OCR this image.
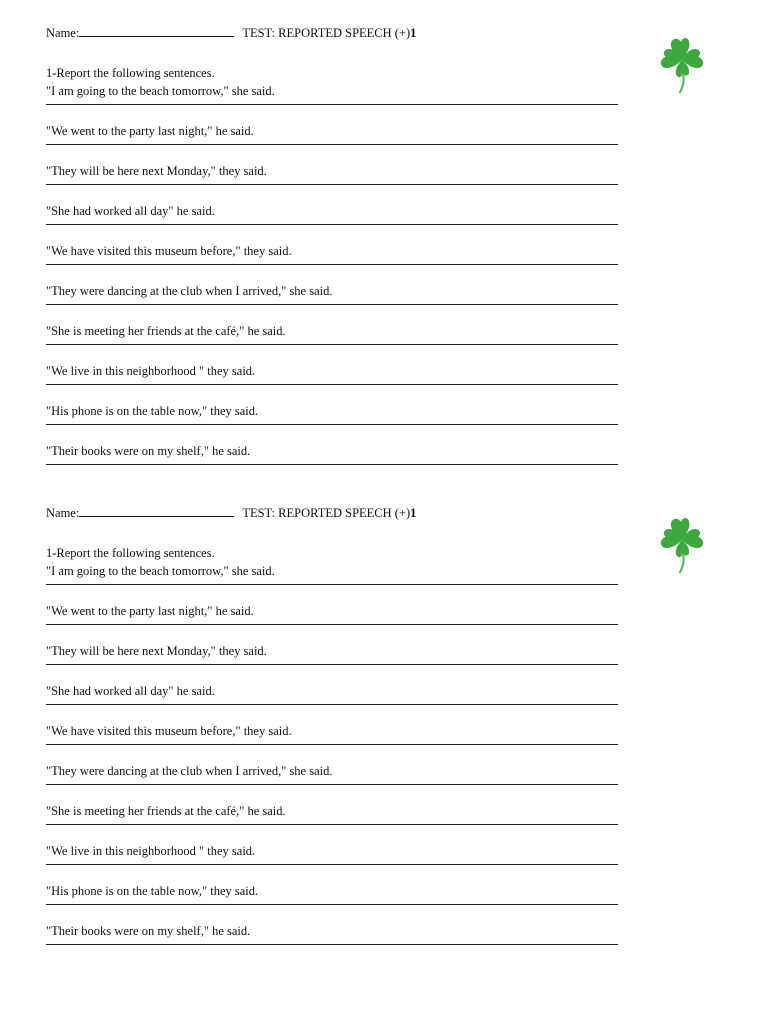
Name:	TEST: REPORTED SPEECH (+) 1
1-Report the following sentences.
"I am going to the beach tomorrow," she said.
"We went to the party last night," he said.
"They will be here next Monday," they said.
"She had worked all day" he said.
"We have visited this museum before," they said.
"They were dancing at the club when I arrived," she said.
"She is meeting her friends at the café," he said.
"We live in this neighborhood " they said.
"His phone is on the table now," they said.
"Their books were on my shelf," he said.
Name:	TEST: REPORTED SPEECH (+) 1
1-Report the following sentences.
"I am going to the beach tomorrow," she said.
"We went to the party last night," he said.
"They will be here next Monday," they said.
"She had worked all day" he said.
"We have visited this museum before," they said.
"They were dancing at the club when I arrived," she said.
"She is meeting her friends at the café," he said.
"We live in this neighborhood " they said.
"His phone is on the table now," they said.
"Their books were on my shelf," he said.
